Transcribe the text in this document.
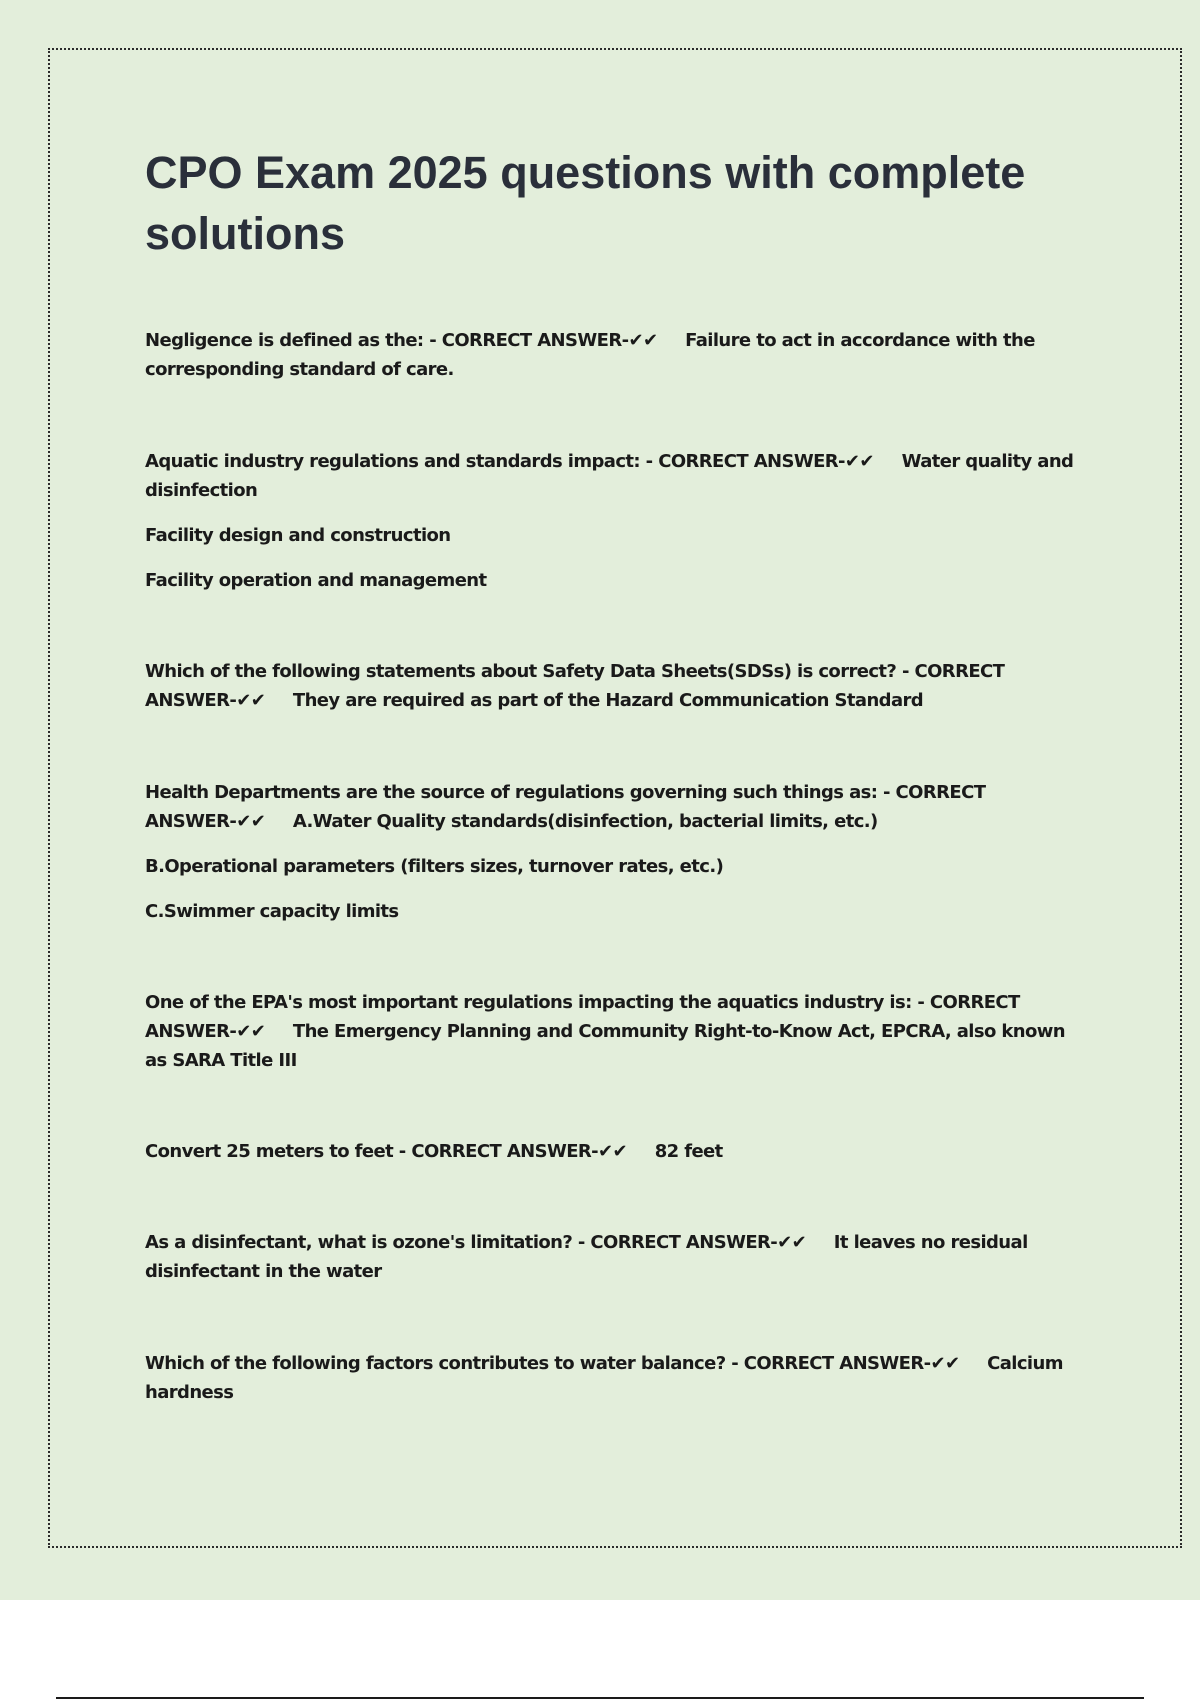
CPO Exam 2025 questions with complete solutions

Negligence is defined as the: - CORRECT ANSWER-✔✔ Failure to act in accordance with the corresponding standard of care.

Aquatic industry regulations and standards impact: - CORRECT ANSWER-✔✔ Water quality and disinfection

Facility design and construction

Facility operation and management

Which of the following statements about Safety Data Sheets(SDSs) is correct? - CORRECT ANSWER-✔✔ They are required as part of the Hazard Communication Standard

Health Departments are the source of regulations governing such things as: - CORRECT ANSWER-✔✔ A.Water Quality standards(disinfection, bacterial limits, etc.)

B.Operational parameters (filters sizes, turnover rates, etc.)

C.Swimmer capacity limits

One of the EPA's most important regulations impacting the aquatics industry is: - CORRECT ANSWER-✔✔ The Emergency Planning and Community Right-to-Know Act, EPCRA, also known as SARA Title III

Convert 25 meters to feet - CORRECT ANSWER-✔✔ 82 feet

As a disinfectant, what is ozone's limitation? - CORRECT ANSWER-✔✔ It leaves no residual disinfectant in the water

Which of the following factors contributes to water balance? - CORRECT ANSWER-✔✔ Calcium hardness
